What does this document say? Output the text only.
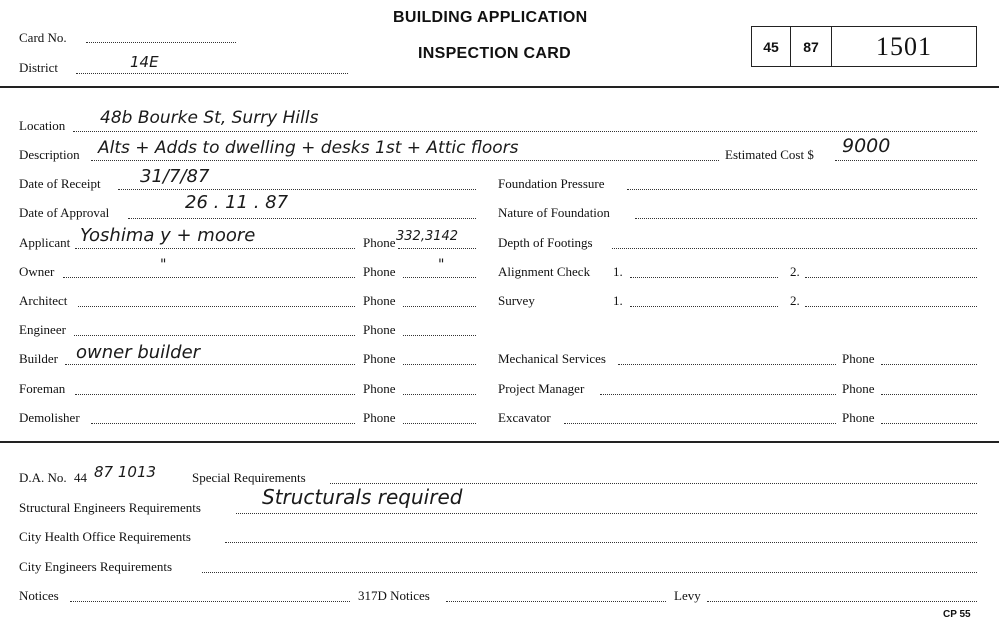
Card No.
District	14E
BUILDING APPLICATION
INSPECTION CARD	45 87 1501
Location 48b Bourke St, Surry Hills
Description Alts + Adds to dwelling + desks 1st + Attic floors	Estimated Cost $ 9000
Date of Receipt 31/7/87
Date of Approval	26 . 11 . 87
Applicant Yoshima y + moore	Phone 332,3142
Owner	"	Phone	"
Architect	Phone
Engineer	Phone
Builder owner builder	Phone
Foreman	Phone
Demolisher	Phone
Foundation Pressure
Nature of Foundation
Depth of Footings
Alignment Check 1.	2.
Survey	1.	2.
Mechanical Services	Phone
Project Manager	Phone
Excavator	Phone
D.A. No. 44 87 1013	Special Requirements
Structural Engineers Requirements	Structurals required
City Health Office Requirements
City Engineers Requirements
Notices	317D Notices	Levy
CP 55
